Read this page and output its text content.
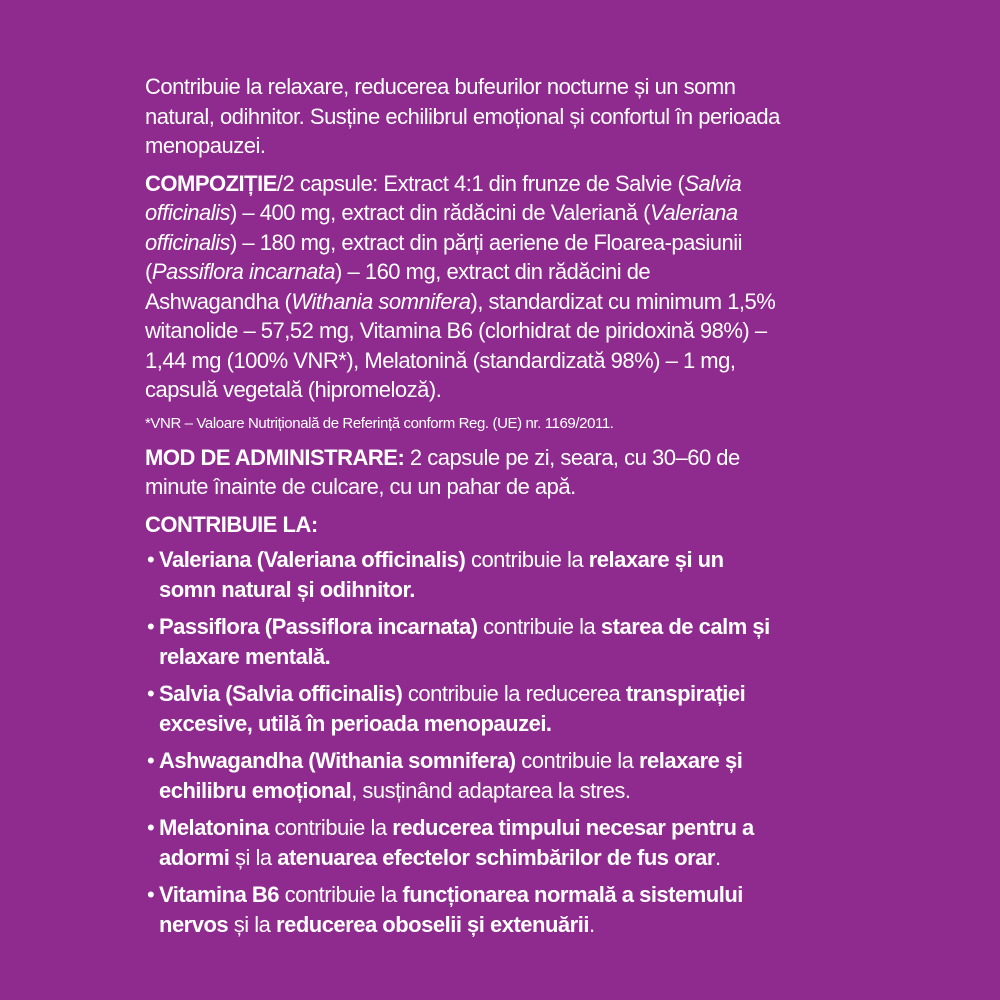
Contribuie la relaxare, reducerea bufeurilor nocturne și un somn natural, odihnitor. Susține echilibrul emoțional și confortul în perioada menopauzei.

COMPOZIȚIE/2 capsule: Extract 4:1 din frunze de Salvie (Salvia officinalis) – 400 mg, extract din rădăcini de Valeriană (Valeriana officinalis) – 180 mg, extract din părți aeriene de Floarea-pasiunii (Passiflora incarnata) – 160 mg, extract din rădăcini de Ashwagandha (Withania somnifera), standardizat cu minimum 1,5% witanolide – 57,52 mg, Vitamina B6 (clorhidrat de piridoxină 98%) – 1,44 mg (100% VNR*), Melatonină (standardizată 98%) – 1 mg, capsulă vegetală (hipromeloză).

*VNR – Valoare Nutrițională de Referință conform Reg. (UE) nr. 1169/2011.

MOD DE ADMINISTRARE: 2 capsule pe zi, seara, cu 30–60 de minute înainte de culcare, cu un pahar de apă.

CONTRIBUIE LA:
• Valeriana (Valeriana officinalis) contribuie la relaxare și un somn natural și odihnitor.
• Passiflora (Passiflora incarnata) contribuie la starea de calm și relaxare mentală.
• Salvia (Salvia officinalis) contribuie la reducerea transpirației excesive, utilă în perioada menopauzei.
• Ashwagandha (Withania somnifera) contribuie la relaxare și echilibru emoțional, susținând adaptarea la stres.
• Melatonina contribuie la reducerea timpului necesar pentru a adormi și la atenuarea efectelor schimbărilor de fus orar.
• Vitamina B6 contribuie la funcționarea normală a sistemului nervos și la reducerea oboselii și extenuării.
